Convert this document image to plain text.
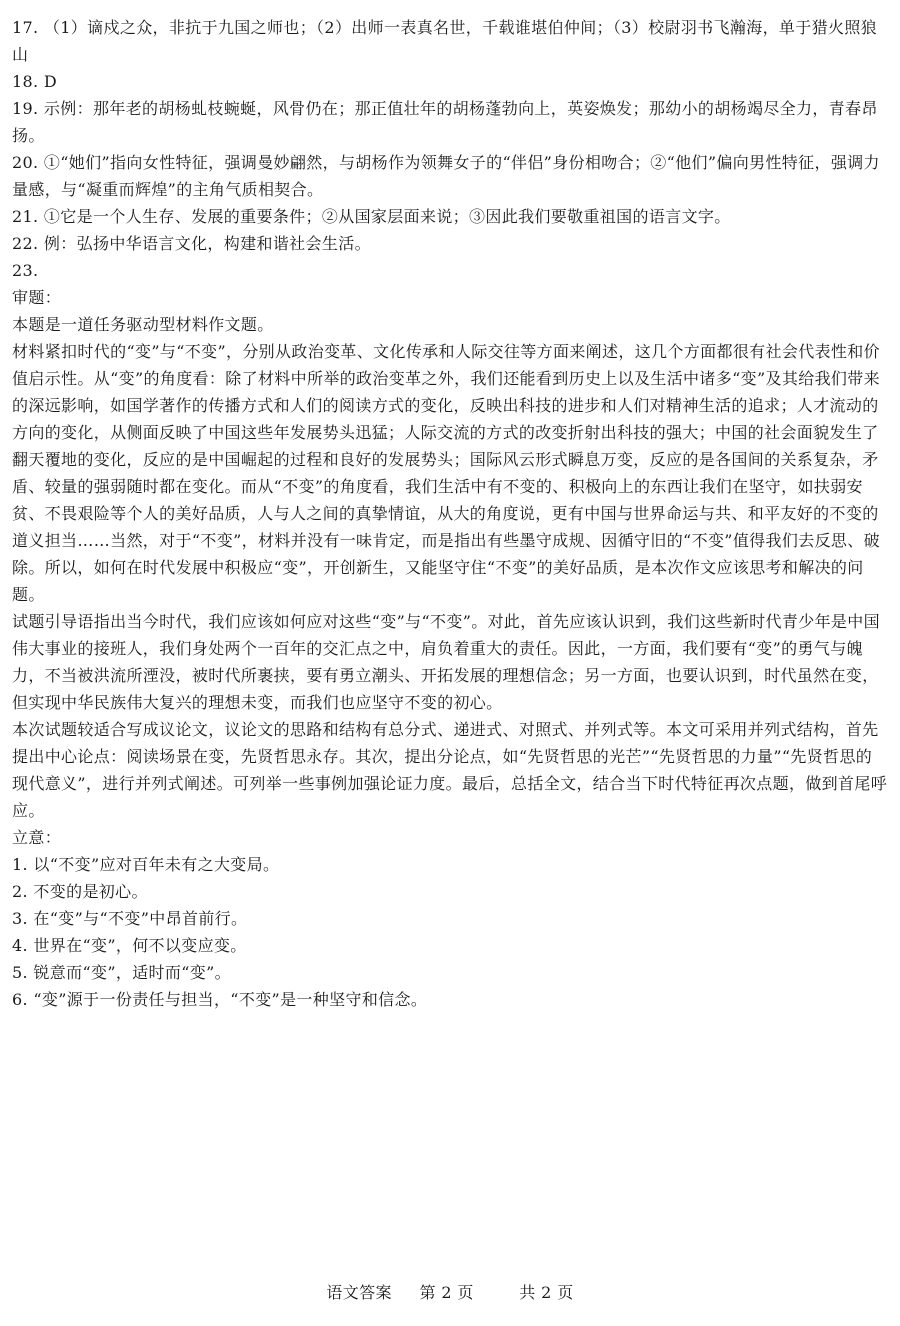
17. （1）谪戍之众，非抗于九国之师也；（2）出师一表真名世，千载谁堪伯仲间；（3）校尉羽书飞瀚海，单于猎火照狼山

18. D

19. 示例：那年老的胡杨虬枝蜿蜒，风骨仍在；那正值壮年的胡杨蓬勃向上，英姿焕发；那幼小的胡杨竭尽全力，青春昂扬。

20. ①“她们”指向女性特征，强调曼妙翩然，与胡杨作为领舞女子的“伴侣”身份相吻合；②“他们”偏向男性特征，强调力量感，与“凝重而辉煌”的主角气质相契合。

21. ①它是一个人生存、发展的重要条件；②从国家层面来说；③因此我们要敬重祖国的语言文字。

22. 例：弘扬中华语言文化，构建和谐社会生活。

23.

审题：

本题是一道任务驱动型材料作文题。

材料紧扣时代的“变”与“不变”，分别从政治变革、文化传承和人际交往等方面来阐述，这几个方面都很有社会代表性和价值启示性。从“变”的角度看：除了材料中所举的政治变革之外，我们还能看到历史上以及生活中诸多“变”及其给我们带来的深远影响，如国学著作的传播方式和人们的阅读方式的变化，反映出科技的进步和人们对精神生活的追求；人才流动的方向的变化，从侧面反映了中国这些年发展势头迅猛；人际交流的方式的改变折射出科技的强大；中国的社会面貌发生了翻天覆地的变化，反应的是中国崛起的过程和良好的发展势头；国际风云形式瞬息万变，反应的是各国间的关系复杂，矛盾、较量的强弱随时都在变化。而从“不变”的角度看，我们生活中有不变的、积极向上的东西让我们在坚守，如扶弱安贫、不畏艰险等个人的美好品质，人与人之间的真挚情谊，从大的角度说，更有中国与世界命运与共、和平友好的不变的道义担当……当然，对于“不变”，材料并没有一味肯定，而是指出有些墨守成规、因循守旧的“不变”值得我们去反思、破除。所以，如何在时代发展中积极应“变”，开创新生，又能坚守住“不变”的美好品质，是本次作文应该思考和解决的问题。

试题引导语指出当今时代，我们应该如何应对这些“变”与“不变”。对此，首先应该认识到，我们这些新时代青少年是中国伟大事业的接班人，我们身处两个一百年的交汇点之中，肩负着重大的责任。因此，一方面，我们要有“变”的勇气与魄力，不当被洪流所湮没，被时代所裹挟，要有勇立潮头、开拓发展的理想信念；另一方面，也要认识到，时代虽然在变，但实现中华民族伟大复兴的理想未变，而我们也应坚守不变的初心。

本次试题较适合写成议论文，议论文的思路和结构有总分式、递进式、对照式、并列式等。本文可采用并列式结构，首先提出中心论点：阅读场景在变，先贤哲思永存。其次，提出分论点，如“先贤哲思的光芒”“先贤哲思的力量”“先贤哲思的现代意义”，进行并列式阐述。可列举一些事例加强论证力度。最后，总括全文，结合当下时代特征再次点题，做到首尾呼应。

立意：

1. 以“不变”应对百年未有之大变局。

2. 不变的是初心。

3. 在“变”与“不变”中昂首前行。

4. 世界在“变”，何不以变应变。

5. 锐意而“变”，适时而“变”。

6. “变”源于一份责任与担当，“不变”是一种坚守和信念。

语文答案 第 2 页	共 2 页
